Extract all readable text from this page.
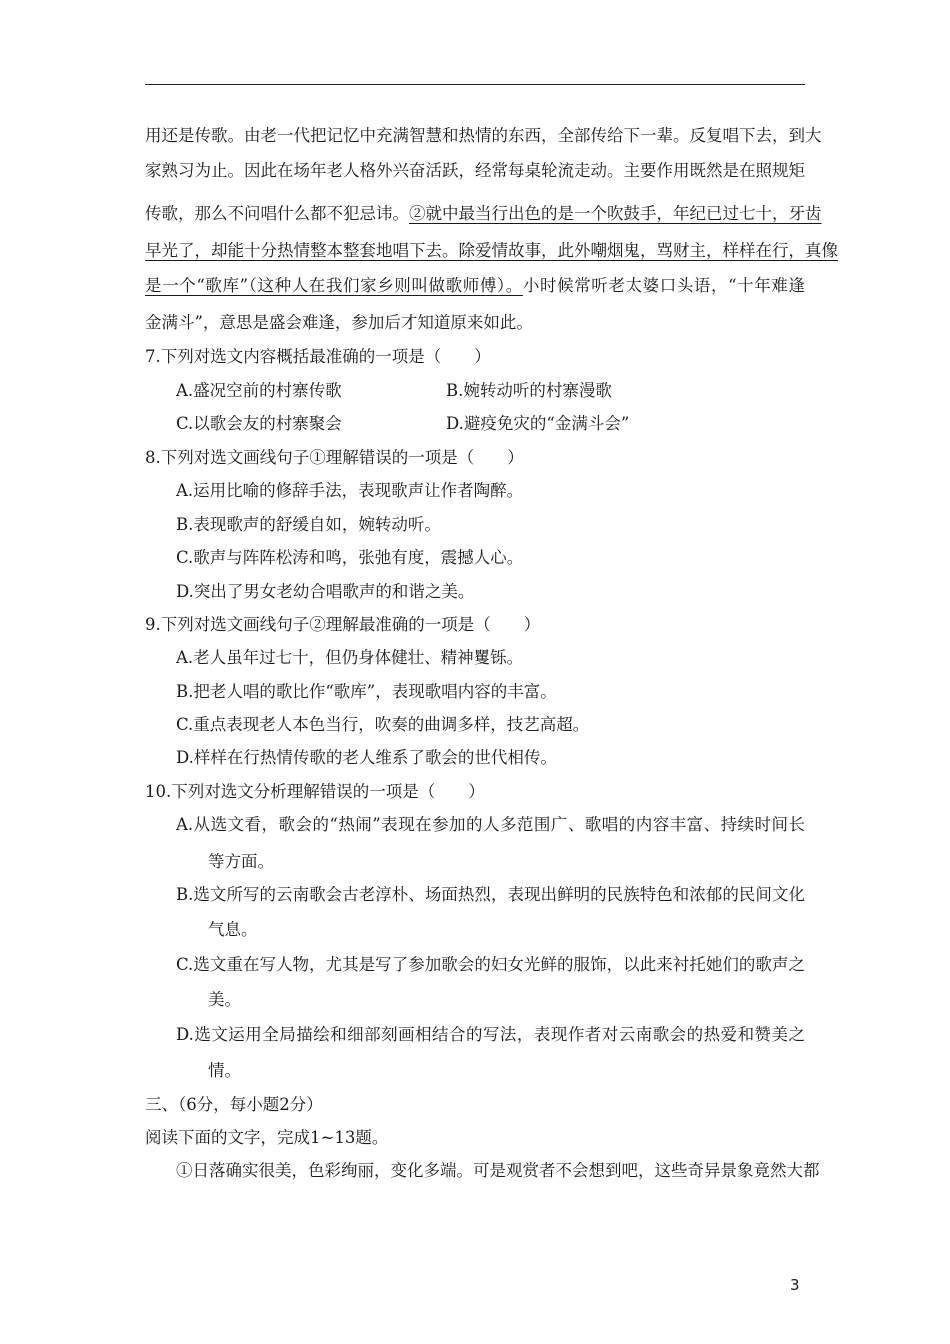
用还是传歌。由老一代把记忆中充满智慧和热情的东西，全部传给下一辈。反复唱下去，到大
家熟习为止。因此在场年老人格外兴奋活跃，经常每桌轮流走动。主要作用既然是在照规矩
传歌，那么不问唱什么都不犯忌讳。②就中最当行出色的是一个吹鼓手，年纪已过七十，牙齿
早光了，却能十分热情整本整套地唱下去。除爱情故事，此外嘲烟鬼，骂财主，样样在行，真像
是一个“歌库”（这种人在我们家乡则叫做歌师傅）。小时候常听老太婆口头语，“十年难逢
金满斗”，意思是盛会难逢，参加后才知道原来如此。
7.下列对选文内容概括最准确的一项是（　　）
A.盛况空前的村寨传歌	B.婉转动听的村寨漫歌
C.以歌会友的村寨聚会	D.避疫免灾的“金满斗会”
8.下列对选文画线句子①理解错误的一项是（　　）
A.运用比喻的修辞手法，表现歌声让作者陶醉。
B.表现歌声的舒缓自如，婉转动听。
C.歌声与阵阵松涛和鸣，张弛有度，震撼人心。
D.突出了男女老幼合唱歌声的和谐之美。
9.下列对选文画线句子②理解最准确的一项是（　　）
A.老人虽年过七十，但仍身体健壮、精神矍铄。
B.把老人唱的歌比作“歌库”，表现歌唱内容的丰富。
C.重点表现老人本色当行，吹奏的曲调多样，技艺高超。
D.样样在行热情传歌的老人维系了歌会的世代相传。
10.下列对选文分析理解错误的一项是（　　）
A.从选文看，歌会的“热闹”表现在参加的人多范围广、歌唱的内容丰富、持续时间长
等方面。
B.选文所写的云南歌会古老淳朴、场面热烈，表现出鲜明的民族特色和浓郁的民间文化
气息。
C.选文重在写人物，尤其是写了参加歌会的妇女光鲜的服饰，以此来衬托她们的歌声之
美。
D.选文运用全局描绘和细部刻画相结合的写法，表现作者对云南歌会的热爱和赞美之
情。
三、（6分，每小题2分）
阅读下面的文字，完成1~13题。
①日落确实很美，色彩绚丽，变化多端。可是观赏者不会想到吧，这些奇异景象竟然大都
3
